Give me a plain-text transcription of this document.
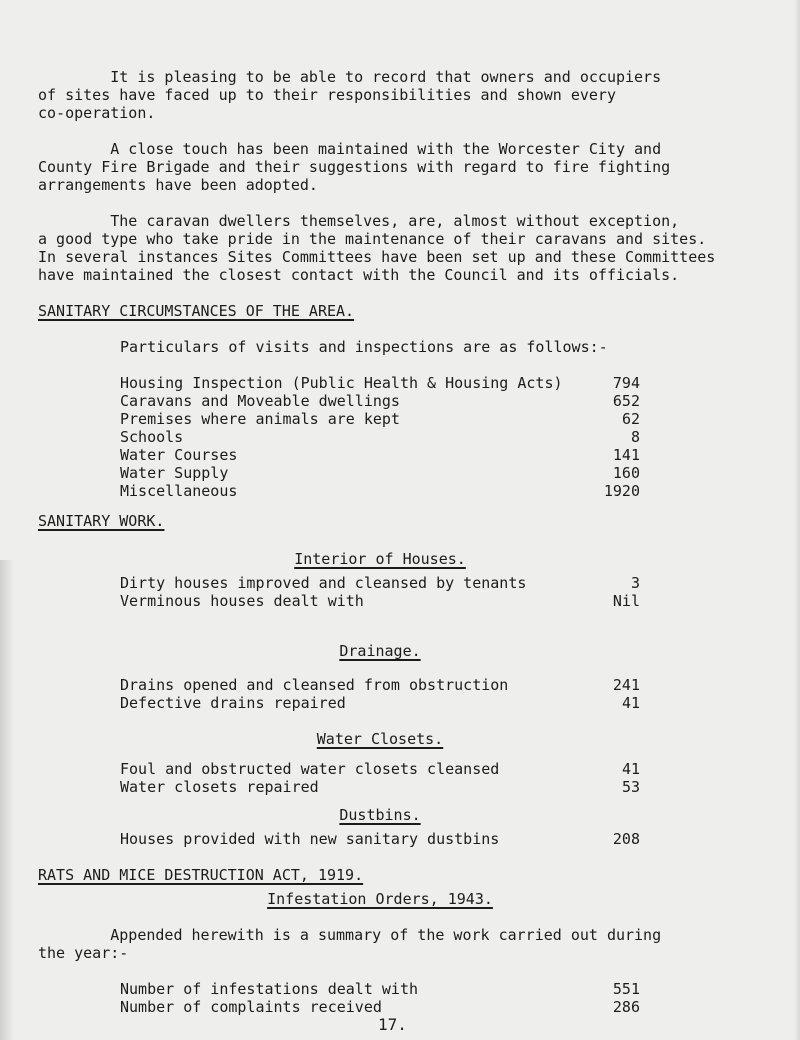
It is pleasing to be able to record that owners and occupiers
of sites have faced up to their responsibilities and shown every
co-operation.
A close touch has been maintained with the Worcester City and
County Fire Brigade and their suggestions with regard to fire fighting
arrangements have been adopted.
The caravan dwellers themselves, are, almost without exception,
a good type who take pride in the maintenance of their caravans and sites.
In several instances Sites Committees have been set up and these Committees
have maintained the closest contact with the Council and its officials.
SANITARY CIRCUMSTANCES OF THE AREA.
Particulars of visits and inspections are as follows:-
Housing Inspection (Public Health & Housing Acts)	794
Caravans and Moveable dwellings	652
Premises where animals are kept	62
Schools	8
Water Courses	141
Water Supply	160
Miscellaneous	1920
SANITARY WORK.
Interior of Houses.
Dirty houses improved and cleansed by tenants	3
Verminous houses dealt with	Nil
Drainage.
Drains opened and cleansed from obstruction	241
Defective drains repaired	41
Water Closets.
Foul and obstructed water closets cleansed	41
Water closets repaired	53
Dustbins.
Houses provided with new sanitary dustbins	208
RATS AND MICE DESTRUCTION ACT, 1919.
Infestation Orders, 1943.
Appended herewith is a summary of the work carried out during
the year:-
Number of infestations dealt with	551
Number of complaints received	286
17.
